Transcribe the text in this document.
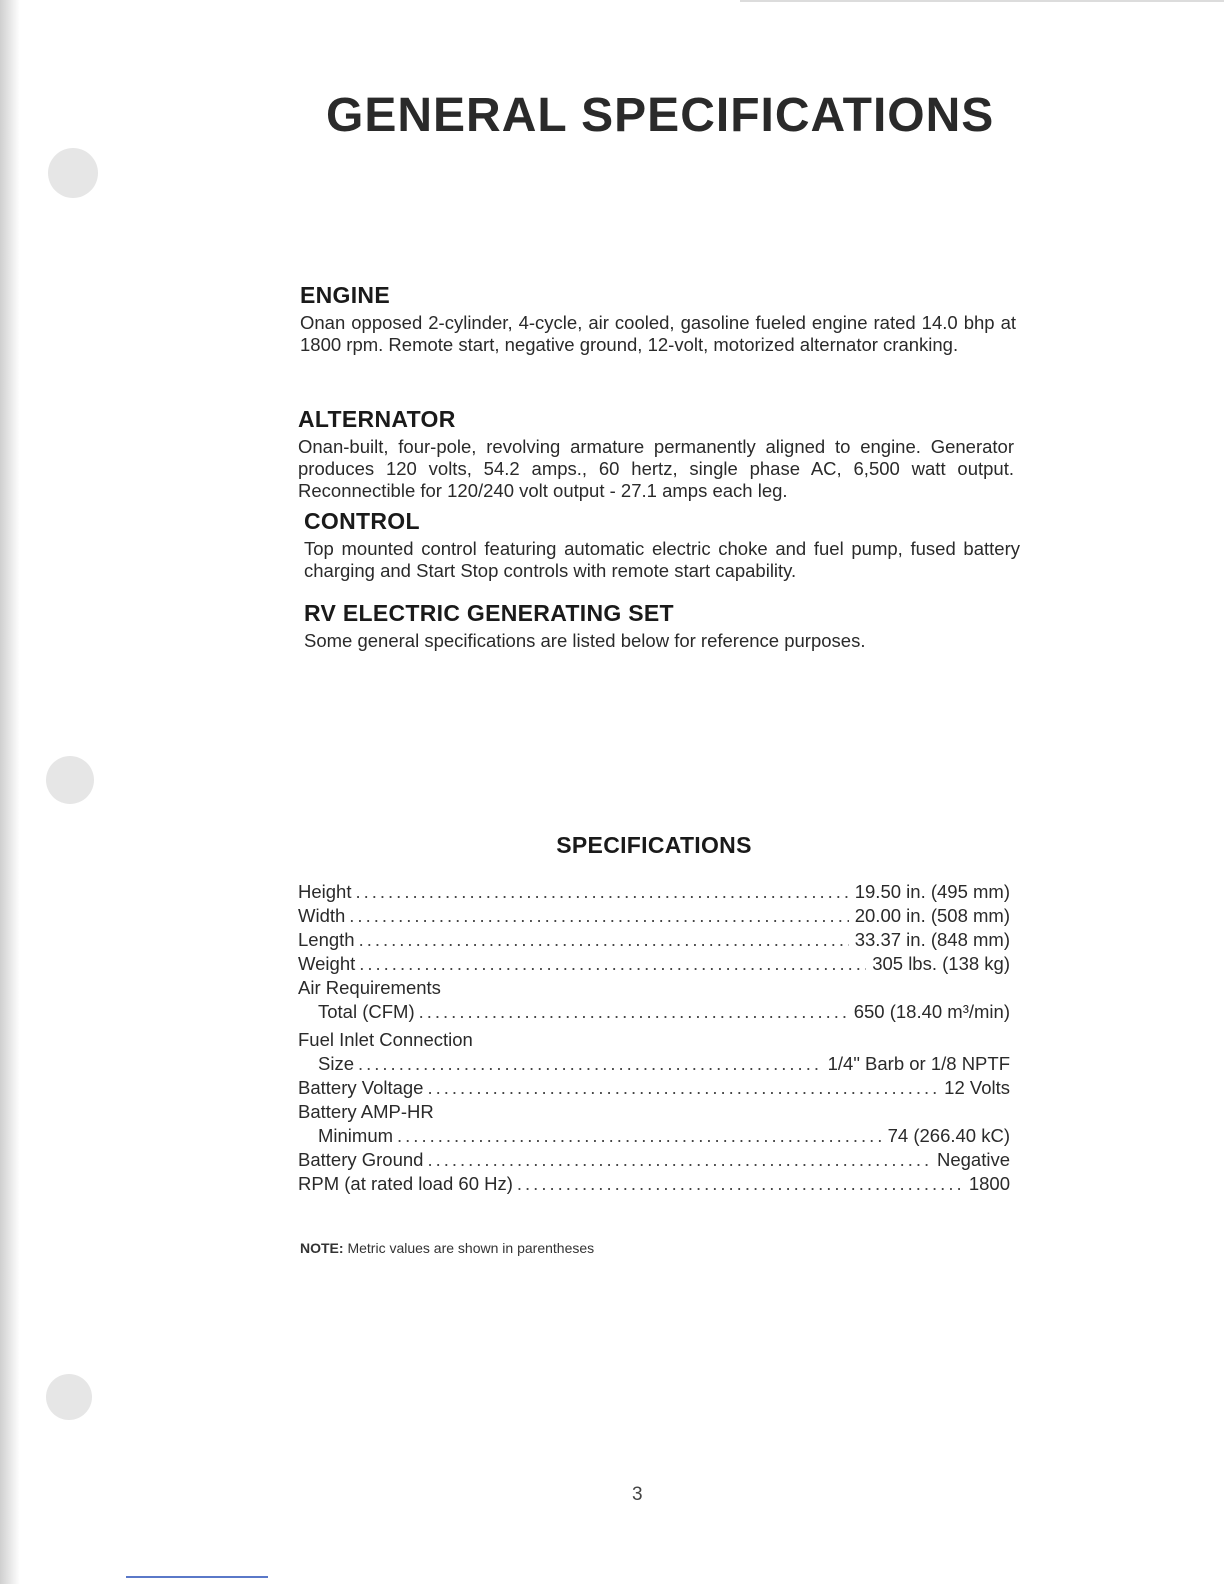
GENERAL SPECIFICATIONS
ENGINE

Onan opposed 2-cylinder, 4-cycle, air cooled, gasoline fueled engine rated 14.0 bhp at 1800 rpm. Remote start, negative ground, 12-volt, motorized alternator cranking.

ALTERNATOR

Onan-built, four-pole, revolving armature permanently aligned to engine. Generator produces 120 volts, 54.2 amps., 60 hertz, single phase AC, 6,500 watt output. Reconnectible for 120/240 volt output - 27.1 amps each leg.

CONTROL

Top mounted control featuring automatic electric choke and fuel pump, fused battery charging and Start Stop controls with remote start capability.

RV ELECTRIC GENERATING SET

Some general specifications are listed below for reference purposes.

SPECIFICATIONS
Height .....	19.50 in. (495 mm)
Width .....	20.00 in. (508 mm)
Length .....	33.37 in. (848 mm)
Weight .....	305 lbs. (138 kg)
Air Requirements
Total (CFM) .....	650 (18.40 m³/min)
Fuel Inlet Connection
Size .....	1/4" Barb or 1/8 NPTF
Battery Voltage .....	12 Volts
Battery AMP-HR
Minimum .....	74 (266.40 kC)
Battery Ground .....	Negative
RPM (at rated load 60 Hz) .....	1800
NOTE: Metric values are shown in parentheses
3
